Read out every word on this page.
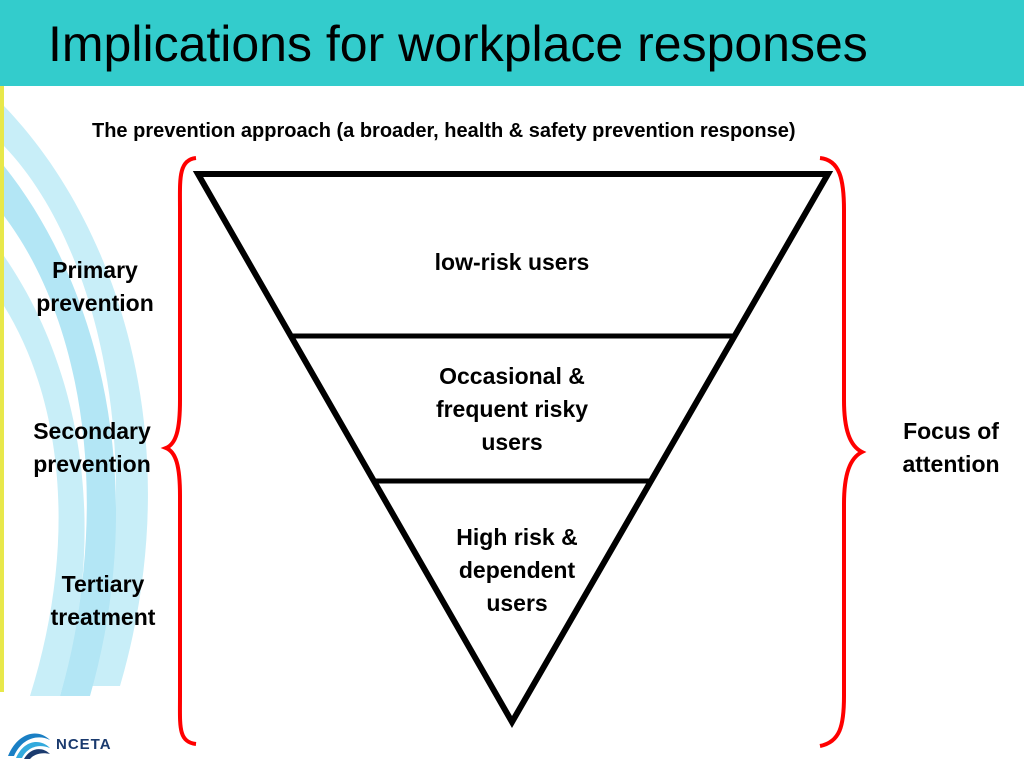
Implications for workplace responses
The prevention approach (a broader, health & safety prevention response)
low-risk users
Occasional &
frequent risky
users
High risk &
dependent
users
Primary
prevention
Secondary
prevention
Tertiary
treatment
Focus of
attention
NCETA
